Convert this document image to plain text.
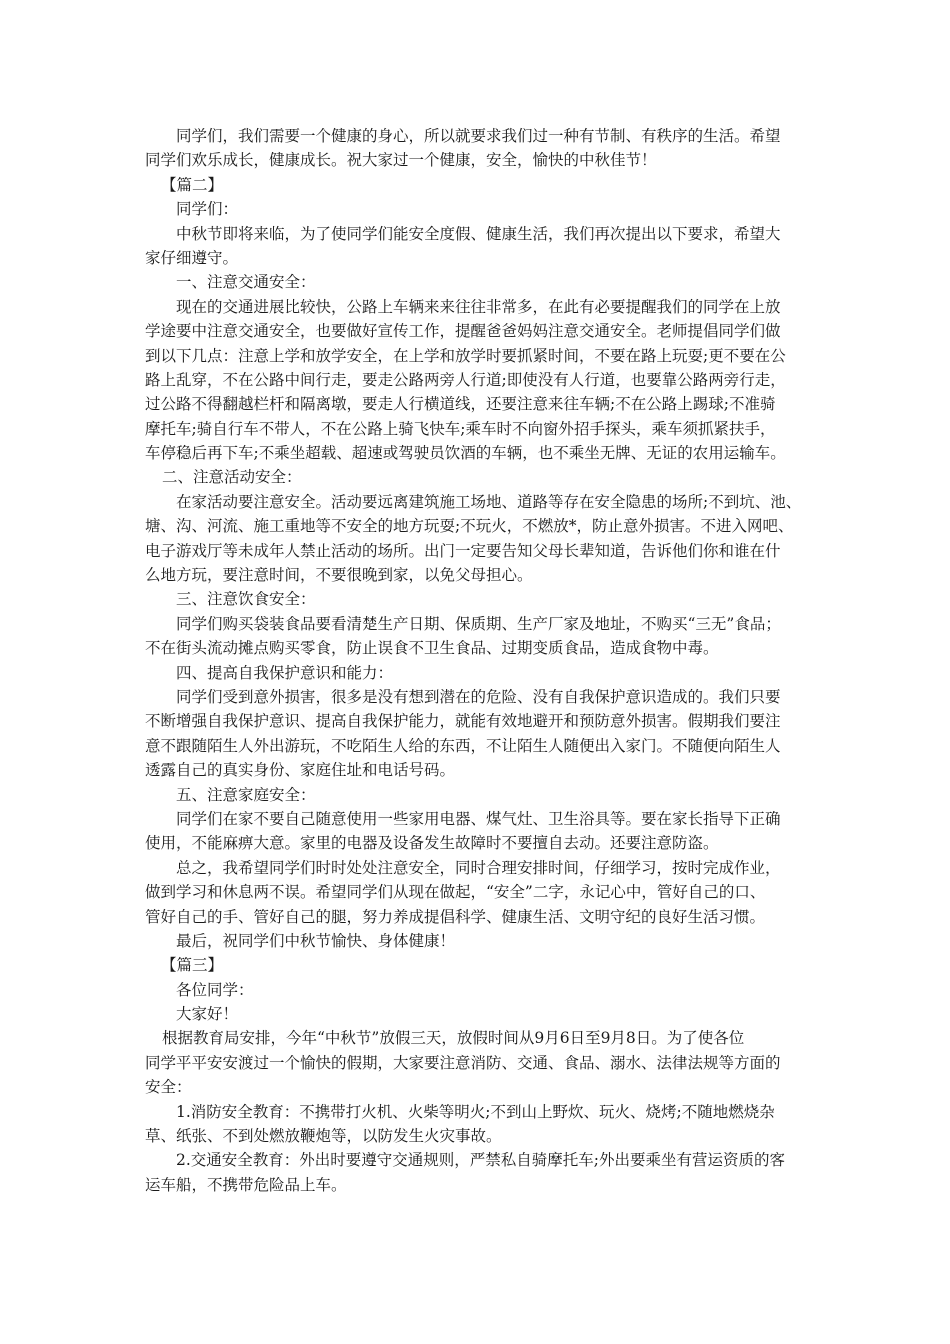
同学们，我们需要一个健康的身心，所以就要求我们过一种有节制、有秩序的生活。希望
同学们欢乐成长，健康成长。祝大家过一个健康，安全，愉快的中秋佳节！
【篇二】
同学们：
中秋节即将来临，为了使同学们能安全度假、健康生活，我们再次提出以下要求，希望大
家仔细遵守。
一、注意交通安全：
现在的交通进展比较快，公路上车辆来来往往非常多，在此有必要提醒我们的同学在上放
学途要中注意交通安全，也要做好宣传工作，提醒爸爸妈妈注意交通安全。老师提倡同学们做
到以下几点：注意上学和放学安全，在上学和放学时要抓紧时间，不要在路上玩耍;更不要在公
路上乱穿，不在公路中间行走，要走公路两旁人行道;即使没有人行道，也要靠公路两旁行走，
过公路不得翻越栏杆和隔离墩，要走人行横道线，还要注意来往车辆;不在公路上踢球;不准骑
摩托车;骑自行车不带人，不在公路上骑飞快车;乘车时不向窗外招手探头，乘车须抓紧扶手，
车停稳后再下车;不乘坐超载、超速或驾驶员饮酒的车辆，也不乘坐无牌、无证的农用运输车。
二、注意活动安全：
在家活动要注意安全。活动要远离建筑施工场地、道路等存在安全隐患的场所;不到坑、池、
塘、沟、河流、施工重地等不安全的地方玩耍;不玩火，不燃放*，防止意外损害。不进入网吧、
电子游戏厅等未成年人禁止活动的场所。出门一定要告知父母长辈知道，告诉他们你和谁在什
么地方玩，要注意时间，不要很晚到家，以免父母担心。
三、注意饮食安全：
同学们购买袋装食品要看清楚生产日期、保质期、生产厂家及地址，不购买“三无”食品；
不在街头流动摊点购买零食，防止误食不卫生食品、过期变质食品，造成食物中毒。
四、提高自我保护意识和能力：
同学们受到意外损害，很多是没有想到潜在的危险、没有自我保护意识造成的。我们只要
不断增强自我保护意识、提高自我保护能力，就能有效地避开和预防意外损害。假期我们要注
意不跟随陌生人外出游玩，不吃陌生人给的东西，不让陌生人随便出入家门。不随便向陌生人
透露自己的真实身份、家庭住址和电话号码。
五、注意家庭安全：
同学们在家不要自己随意使用一些家用电器、煤气灶、卫生浴具等。要在家长指导下正确
使用，不能麻痹大意。家里的电器及设备发生故障时不要擅自去动。还要注意防盗。
总之，我希望同学们时时处处注意安全，同时合理安排时间，仔细学习，按时完成作业，
做到学习和休息两不误。希望同学们从现在做起，“安全”二字，永记心中，管好自己的口、
管好自己的手、管好自己的腿，努力养成提倡科学、健康生活、文明守纪的良好生活习惯。
最后，祝同学们中秋节愉快、身体健康！
【篇三】
各位同学：
大家好！
根据教育局安排，今年“中秋节”放假三天，放假时间从9月6日至9月8日。为了使各位
同学平平安安渡过一个愉快的假期，大家要注意消防、交通、食品、溺水、法律法规等方面的
安全：
1.消防安全教育：不携带打火机、火柴等明火;不到山上野炊、玩火、烧烤;不随地燃烧杂
草、纸张、不到处燃放鞭炮等，以防发生火灾事故。
2.交通安全教育：外出时要遵守交通规则，严禁私自骑摩托车;外出要乘坐有营运资质的客
运车船，不携带危险品上车。
